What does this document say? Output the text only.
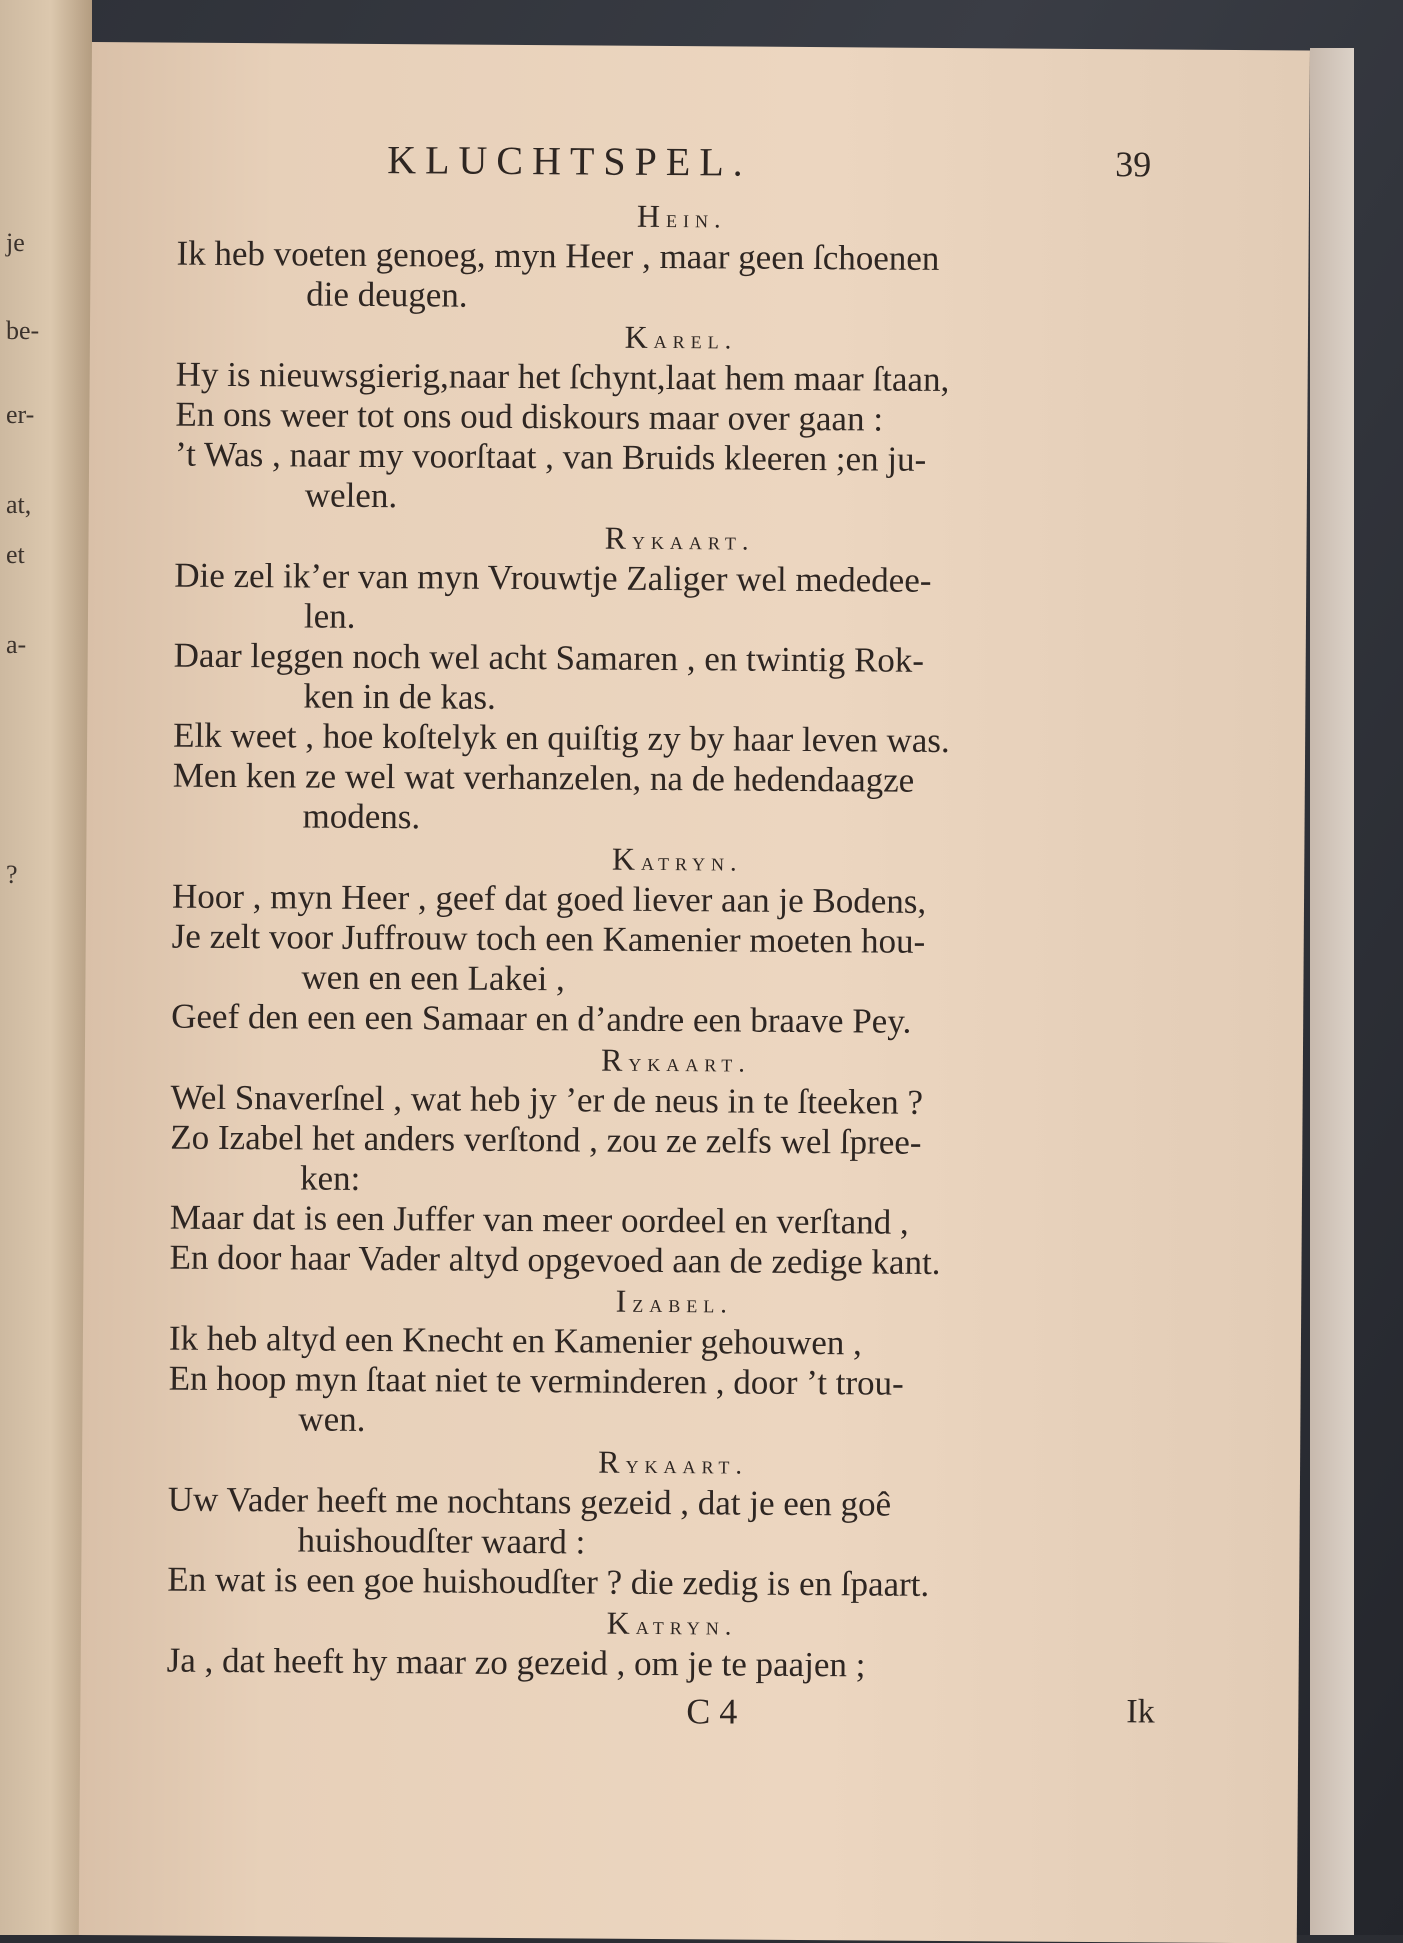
je
be-
er-
at,
et
a-
?
KLUCHTSPEL.	39
Hein.
Ik heb voeten genoeg, myn Heer , maar geen ſchoenen
die deugen.
Karel.
Hy is nieuwsgierig,naar het ſchynt,laat hem maar ſtaan,
En ons weer tot ons oud diskours maar over gaan :
’t Was , naar my voorſtaat , van Bruids kleeren ;en ju-
welen.
Rykaart.
Die zel ik’er van myn Vrouwtje Zaliger wel mededee-
len.
Daar leggen noch wel acht Samaren , en twintig Rok-
ken in de kas.
Elk weet , hoe koſtelyk en quiſtig zy by haar leven was.
Men ken ze wel wat verhanzelen, na de hedendaagze
modens.
Katryn.
Hoor , myn Heer , geef dat goed liever aan je Bodens,
Je zelt voor Juffrouw toch een Kamenier moeten hou-
wen en een Lakei ,
Geef den een een Samaar en d’andre een braave Pey.
Rykaart.
Wel Snaverſnel , wat heb jy ’er de neus in te ſteeken ?
Zo Izabel het anders verſtond , zou ze zelfs wel ſpree-
ken:
Maar dat is een Juffer van meer oordeel en verſtand ,
En door haar Vader altyd opgevoed aan de zedige kant.
Izabel.
Ik heb altyd een Knecht en Kamenier gehouwen ,
En hoop myn ſtaat niet te verminderen , door ’t trou-
wen.
Rykaart.
Uw Vader heeft me nochtans gezeid , dat je een goê
huishoudſter waard :
En wat is een goe huishoudſter ? die zedig is en ſpaart.
Katryn.
Ja , dat heeft hy maar zo gezeid , om je te paajen ;
C 4	Ik
